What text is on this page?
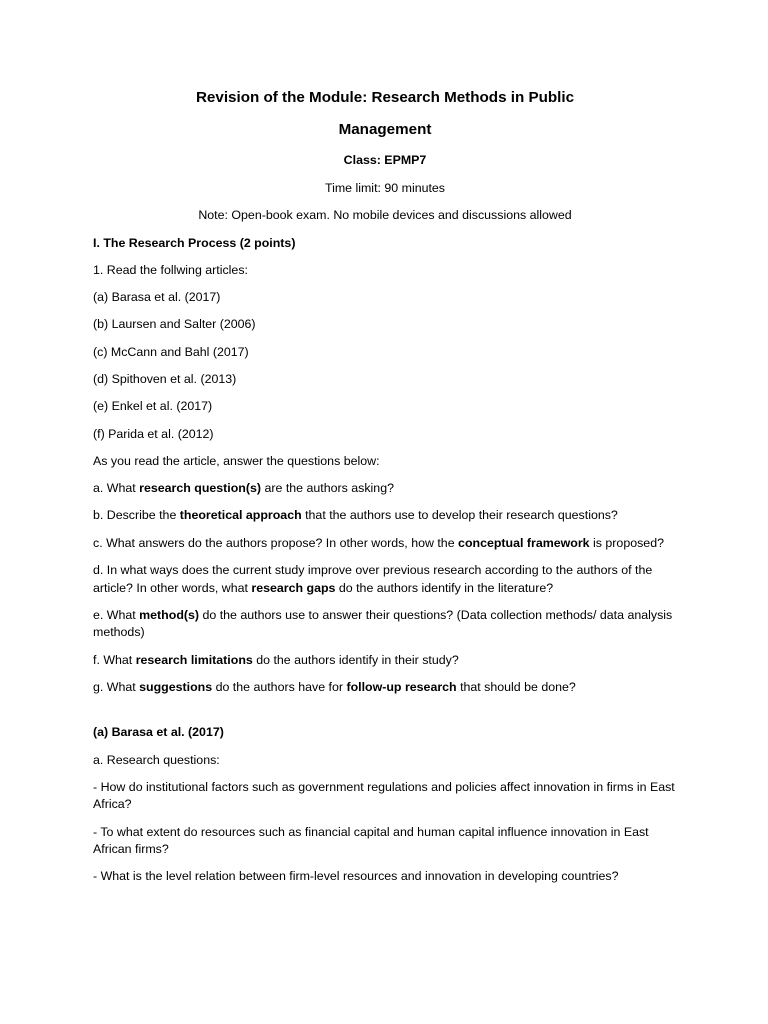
Revision of the Module: Research Methods in Public

Management

Class: EPMP7

Time limit: 90 minutes

Note: Open-book exam. No mobile devices and discussions allowed

I. The Research Process (2 points)

1. Read the follwing articles:

(a) Barasa et al. (2017)

(b) Laursen and Salter (2006)

(c) McCann and Bahl (2017)

(d) Spithoven et al. (2013)

(e) Enkel et al. (2017)

(f) Parida et al. (2012)

As you read the article, answer the questions below:

a. What research question(s) are the authors asking?

b. Describe the theoretical approach that the authors use to develop their research questions?

c. What answers do the authors propose? In other words, how the conceptual framework is proposed?

d. In what ways does the current study improve over previous research according to the authors of the article? In other words, what research gaps do the authors identify in the literature?

e. What method(s) do the authors use to answer their questions? (Data collection methods/ data analysis methods)

f. What research limitations do the authors identify in their study?

g. What suggestions do the authors have for follow-up research that should be done?

(a) Barasa et al. (2017)

a. Research questions:

- How do institutional factors such as government regulations and policies affect innovation in firms in East Africa?

- To what extent do resources such as financial capital and human capital influence innovation in East African firms?

- What is the level relation between firm-level resources and innovation in developing countries?
